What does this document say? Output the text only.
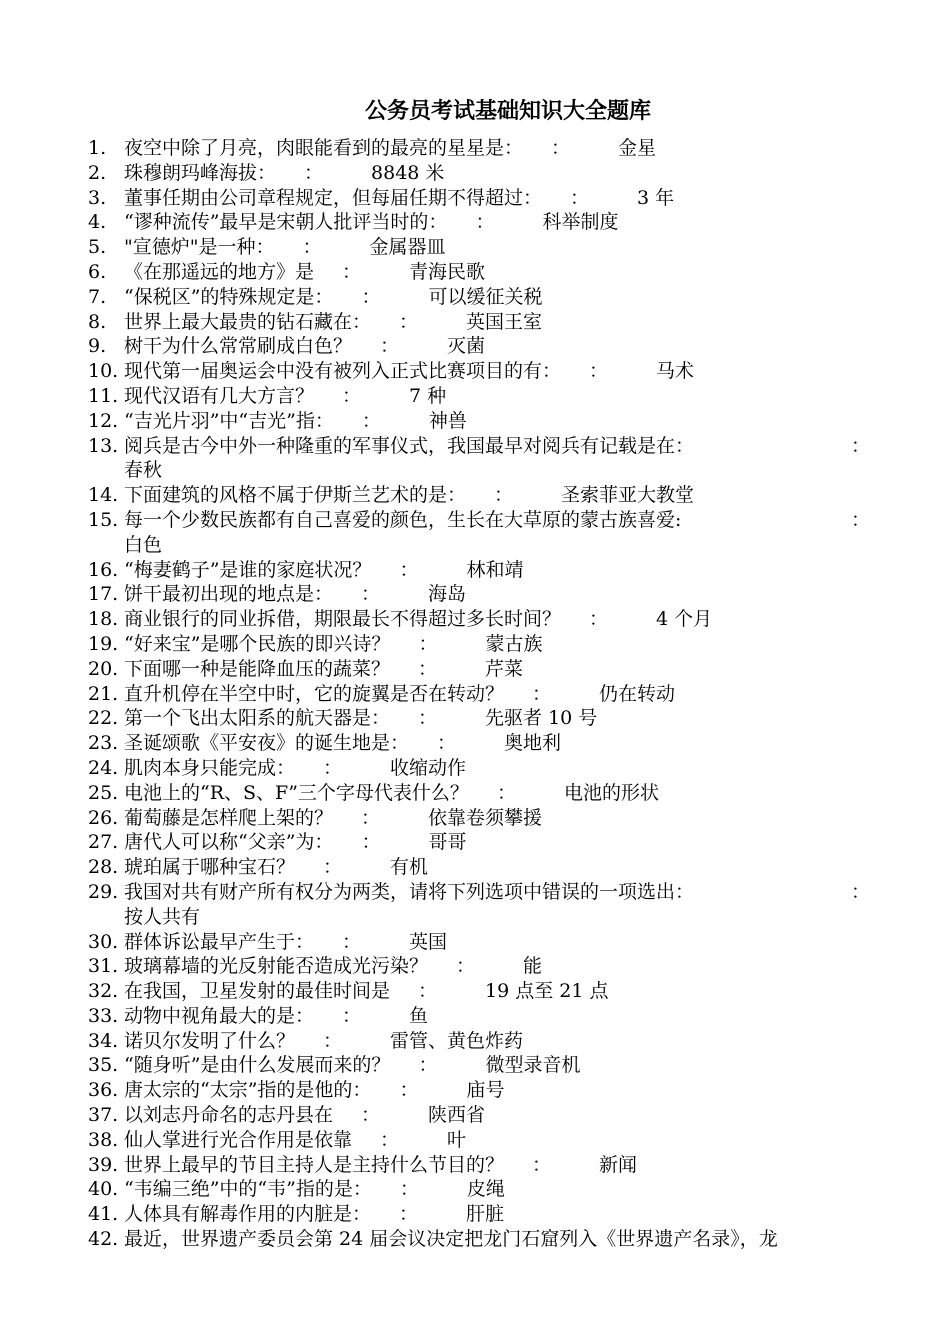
公务员考试基础知识大全题库
1. 夜空中除了月亮，肉眼能看到的最亮的星星是： ：	金星
2. 珠穆朗玛峰海拔： ：	8848 米
3. 董事任期由公司章程规定，但每届任期不得超过： ：	3 年
4. “谬种流传”最早是宋朝人批评当时的： ：	科举制度
5. "宣德炉"是一种： ：	金属器皿
6. 《在那遥远的地方》是 ：	青海民歌
7. “保税区”的特殊规定是： ：	可以缓征关税
8. 世界上最大最贵的钻石藏在： ：	英国王室
9. 树干为什么常常刷成白色？ ：	灭菌
10. 现代第一届奥运会中没有被列入正式比赛项目的有： ：	马术
11. 现代汉语有几大方言？ ：	7 种
12. “吉光片羽”中“吉光”指： ：	神兽
13. 阅兵是古今中外一种隆重的军事仪式，我国最早对阅兵有记载是在：	：
春秋
14. 下面建筑的风格不属于伊斯兰艺术的是： ：	圣索菲亚大教堂
15. 每一个少数民族都有自己喜爱的颜色，生长在大草原的蒙古族喜爱:	：
白色
16. “梅妻鹤子”是谁的家庭状况？ ：	林和靖
17. 饼干最初出现的地点是： ：	海岛
18. 商业银行的同业拆借，期限最长不得超过多长时间？ ：	4 个月
19. “好来宝”是哪个民族的即兴诗？ ：	蒙古族
20. 下面哪一种是能降血压的蔬菜？ ：	芹菜
21. 直升机停在半空中时，它的旋翼是否在转动？ ：	仍在转动
22. 第一个飞出太阳系的航天器是： ：	先驱者 10 号
23. 圣诞颂歌《平安夜》的诞生地是： ：	奥地利
24. 肌肉本身只能完成： ：	收缩动作
25. 电池上的“R、S、F”三个字母代表什么？ ：	电池的形状
26. 葡萄藤是怎样爬上架的？ ：	依靠卷须攀援
27. 唐代人可以称“父亲”为： ：	哥哥
28. 琥珀属于哪种宝石？ ：	有机
29. 我国对共有财产所有权分为两类，请将下列选项中错误的一项选出：	：
按人共有
30. 群体诉讼最早产生于： ：	英国
31. 玻璃幕墙的光反射能否造成光污染？ ：	能
32. 在我国，卫星发射的最佳时间是 ：	19 点至 21 点
33. 动物中视角最大的是： ：	鱼
34. 诺贝尔发明了什么？ ：	雷管、黄色炸药
35. “随身听”是由什么发展而来的？ ：	微型录音机
36. 唐太宗的“太宗”指的是他的： ：	庙号
37. 以刘志丹命名的志丹县在 ：	陕西省
38. 仙人掌进行光合作用是依靠 ：	叶
39. 世界上最早的节目主持人是主持什么节目的？ ：	新闻
40. “韦编三绝”中的“韦”指的是： ：	皮绳
41. 人体具有解毒作用的内脏是： ：	肝脏
42. 最近，世界遗产委员会第 24 届会议决定把龙门石窟列入《世界遗产名录》，龙
